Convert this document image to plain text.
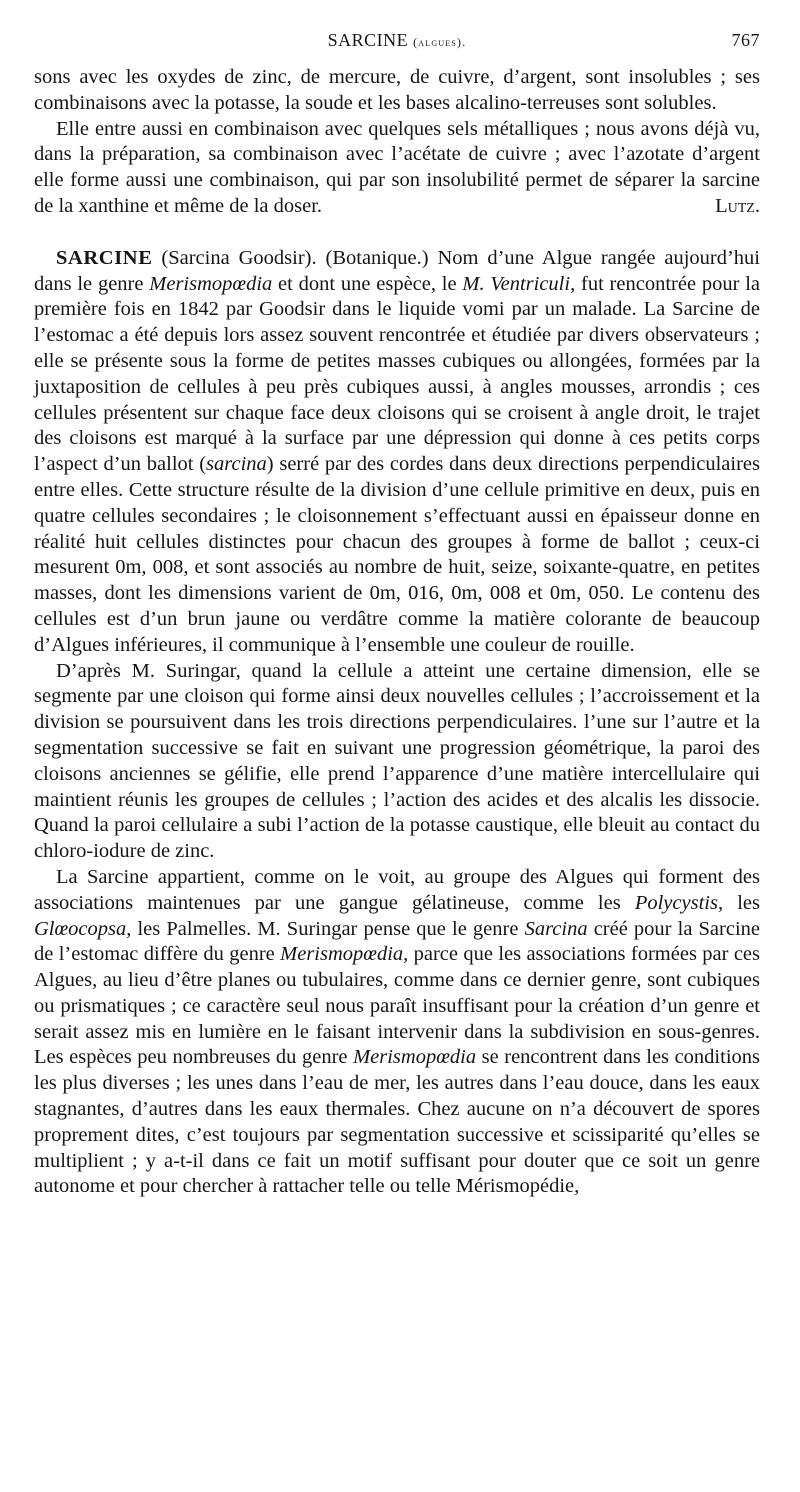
SARCINE (algues).	767

sons avec les oxydes de zinc, de mercure, de cuivre, d’argent, sont insolubles ; ses combinaisons avec la potasse, la soude et les bases alcalino-terreuses sont solubles.

Elle entre aussi en combinaison avec quelques sels métalliques ; nous avons déjà vu, dans la préparation, sa combinaison avec l’acétate de cuivre ; avec l’azotate d’argent elle forme aussi une combinaison, qui par son insolubilité permet de séparer la sarcine de la xanthine et même de la doser.	Lutz.

SARCINE (Sarcina Goodsir). (Botanique.) Nom d’une Algue rangée aujourd’hui dans le genre Merismopœdia et dont une espèce, le M. Ventriculi, fut rencontrée pour la première fois en 1842 par Goodsir dans le liquide vomi par un malade. La Sarcine de l’estomac a été depuis lors assez souvent rencontrée et étudiée par divers observateurs ; elle se présente sous la forme de petites masses cubiques ou allongées, formées par la juxtaposition de cellules à peu près cubiques aussi, à angles mousses, arrondis ; ces cellules présentent sur chaque face deux cloisons qui se croisent à angle droit, le trajet des cloisons est marqué à la surface par une dépression qui donne à ces petits corps l’aspect d’un ballot (sarcina) serré par des cordes dans deux directions perpendiculaires entre elles. Cette structure résulte de la division d’une cellule primitive en deux, puis en quatre cellules secondaires ; le cloisonnement s’effectuant aussi en épaisseur donne en réalité huit cellules distinctes pour chacun des groupes à forme de ballot ; ceux-ci mesurent 0m, 008, et sont associés au nombre de huit, seize, soixante-quatre, en petites masses, dont les dimensions varient de 0m, 016, 0m, 008 et 0m, 050. Le contenu des cellules est d’un brun jaune ou verdâtre comme la matière colorante de beaucoup d’Algues inférieures, il communique à l’ensemble une couleur de rouille.

D’après M. Suringar, quand la cellule a atteint une certaine dimension, elle se segmente par une cloison qui forme ainsi deux nouvelles cellules ; l’accroissement et la division se poursuivent dans les trois directions perpendiculaires. l’une sur l’autre et la segmentation successive se fait en suivant une progression géométrique, la paroi des cloisons anciennes se gélifie, elle prend l’apparence d’une matière intercellulaire qui maintient réunis les groupes de cellules ; l’action des acides et des alcalis les dissocie. Quand la paroi cellulaire a subi l’action de la potasse caustique, elle bleuit au contact du chloro-iodure de zinc.

La Sarcine appartient, comme on le voit, au groupe des Algues qui forment des associations maintenues par une gangue gélatineuse, comme les Polycystis, les Glœocopsa, les Palmelles. M. Suringar pense que le genre Sarcina créé pour la Sarcine de l’estomac diffère du genre Merismopœdia, parce que les associations formées par ces Algues, au lieu d’être planes ou tubulaires, comme dans ce dernier genre, sont cubiques ou prismatiques ; ce caractère seul nous paraît insuffisant pour la création d’un genre et serait assez mis en lumière en le faisant intervenir dans la subdivision en sous-genres. Les espèces peu nombreuses du genre Merismopœdia se rencontrent dans les conditions les plus diverses ; les unes dans l’eau de mer, les autres dans l’eau douce, dans les eaux stagnantes, d’autres dans les eaux thermales. Chez aucune on n’a découvert de spores proprement dites, c’est toujours par segmentation successive et scissiparité qu’elles se multiplient ; y a-t-il dans ce fait un motif suffisant pour douter que ce soit un genre autonome et pour chercher à rattacher telle ou telle Mérismopédie,
